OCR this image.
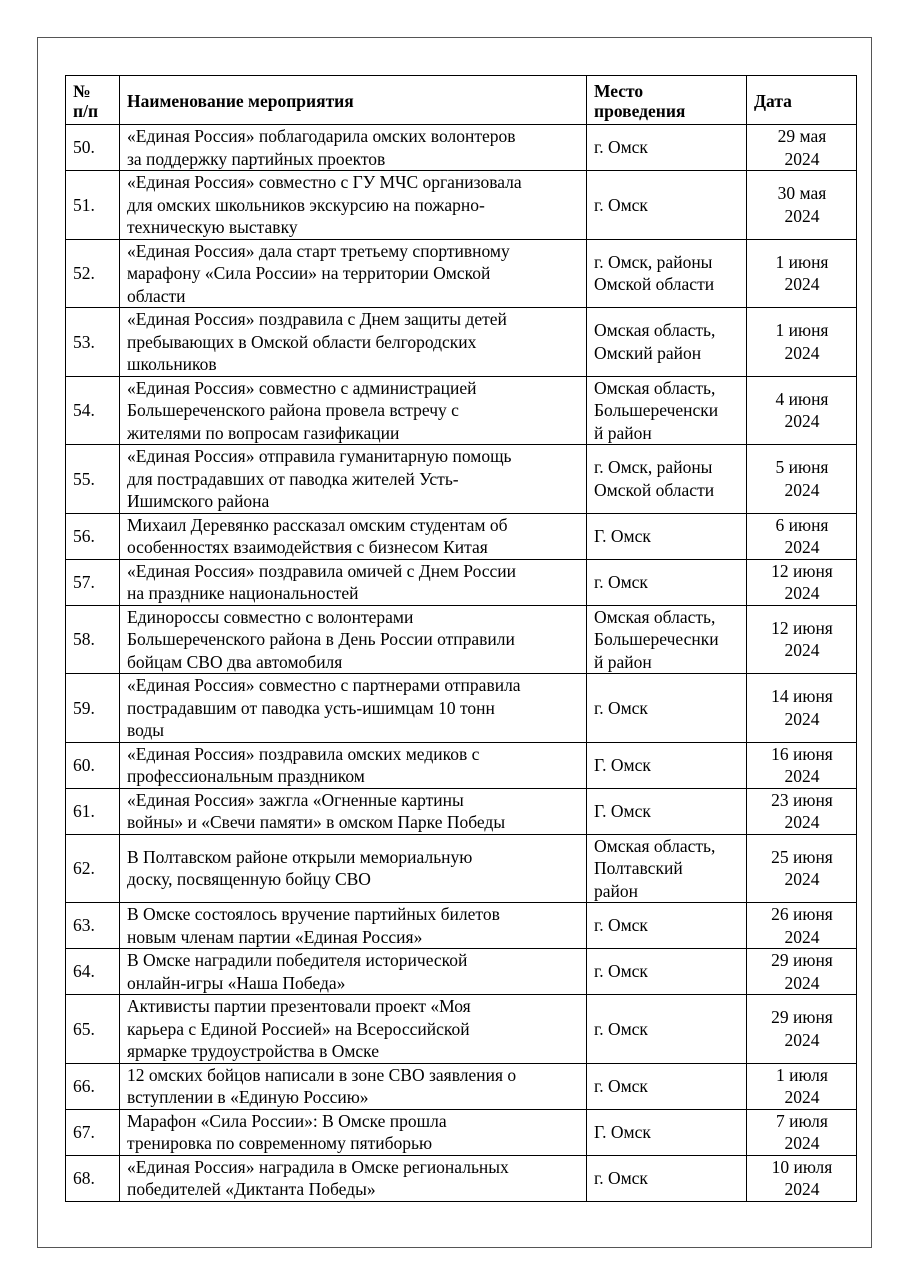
№
п/п	Наименование мероприятия	Место
проведения	Дата
50.	«Единая Россия» поблагодарила омских волонтеров
за поддержку партийных проектов	г. Омск	29 мая
2024
51.	«Единая Россия» совместно с ГУ МЧС организовала
для омских школьников экскурсию на пожарно-
техническую выставку	г. Омск	30 мая
2024
52.	«Единая Россия» дала старт третьему спортивному
марафону «Сила России» на территории Омской
области	г. Омск, районы
Омской области	1 июня
2024
53.	«Единая Россия» поздравила с Днем защиты детей
пребывающих в Омской области белгородских
школьников	Омская область,
Омский район	1 июня
2024
54.	«Единая Россия» совместно с администрацией
Большереченского района провела встречу с
жителями по вопросам газификации	Омская область,
Большереченски
й район	4 июня
2024
55.	«Единая Россия» отправила гуманитарную помощь
для пострадавших от паводка жителей Усть-
Ишимского района	г. Омск, районы
Омской области	5 июня
2024
56.	Михаил Деревянко рассказал омским студентам об
особенностях взаимодействия с бизнесом Китая	Г. Омск	6 июня
2024
57.	«Единая Россия» поздравила омичей с Днем России
на празднике национальностей	г. Омск	12 июня
2024
58.	Единороссы совместно с волонтерами
Большереченского района в День России отправили
бойцам СВО два автомобиля	Омская область,
Большеречеснки
й район	12 июня
2024
59.	«Единая Россия» совместно с партнерами отправила
пострадавшим от паводка усть-ишимцам 10 тонн
воды	г. Омск	14 июня
2024
60.	«Единая Россия» поздравила омских медиков с
профессиональным праздником	Г. Омск	16 июня
2024
61.	«Единая Россия» зажгла «Огненные картины
войны» и «Свечи памяти» в омском Парке Победы	Г. Омск	23 июня
2024
62.	В Полтавском районе открыли мемориальную
доску, посвященную бойцу СВО	Омская область,
Полтавский
район	25 июня
2024
63.	В Омске состоялось вручение партийных билетов
новым членам партии «Единая Россия»	г. Омск	26 июня
2024
64.	В Омске наградили победителя исторической
онлайн-игры «Наша Победа»	г. Омск	29 июня
2024
65.	Активисты партии презентовали проект «Моя
карьера с Единой Россией» на Всероссийской
ярмарке трудоустройства в Омске	г. Омск	29 июня
2024
66.	12 омских бойцов написали в зоне СВО заявления о
вступлении в «Единую Россию»	г. Омск	1 июля
2024
67.	Марафон «Сила России»: В Омске прошла
тренировка по современному пятиборью	Г. Омск	7 июля
2024
68.	«Единая Россия» наградила в Омске региональных
победителей «Диктанта Победы»	г. Омск	10 июля
2024
